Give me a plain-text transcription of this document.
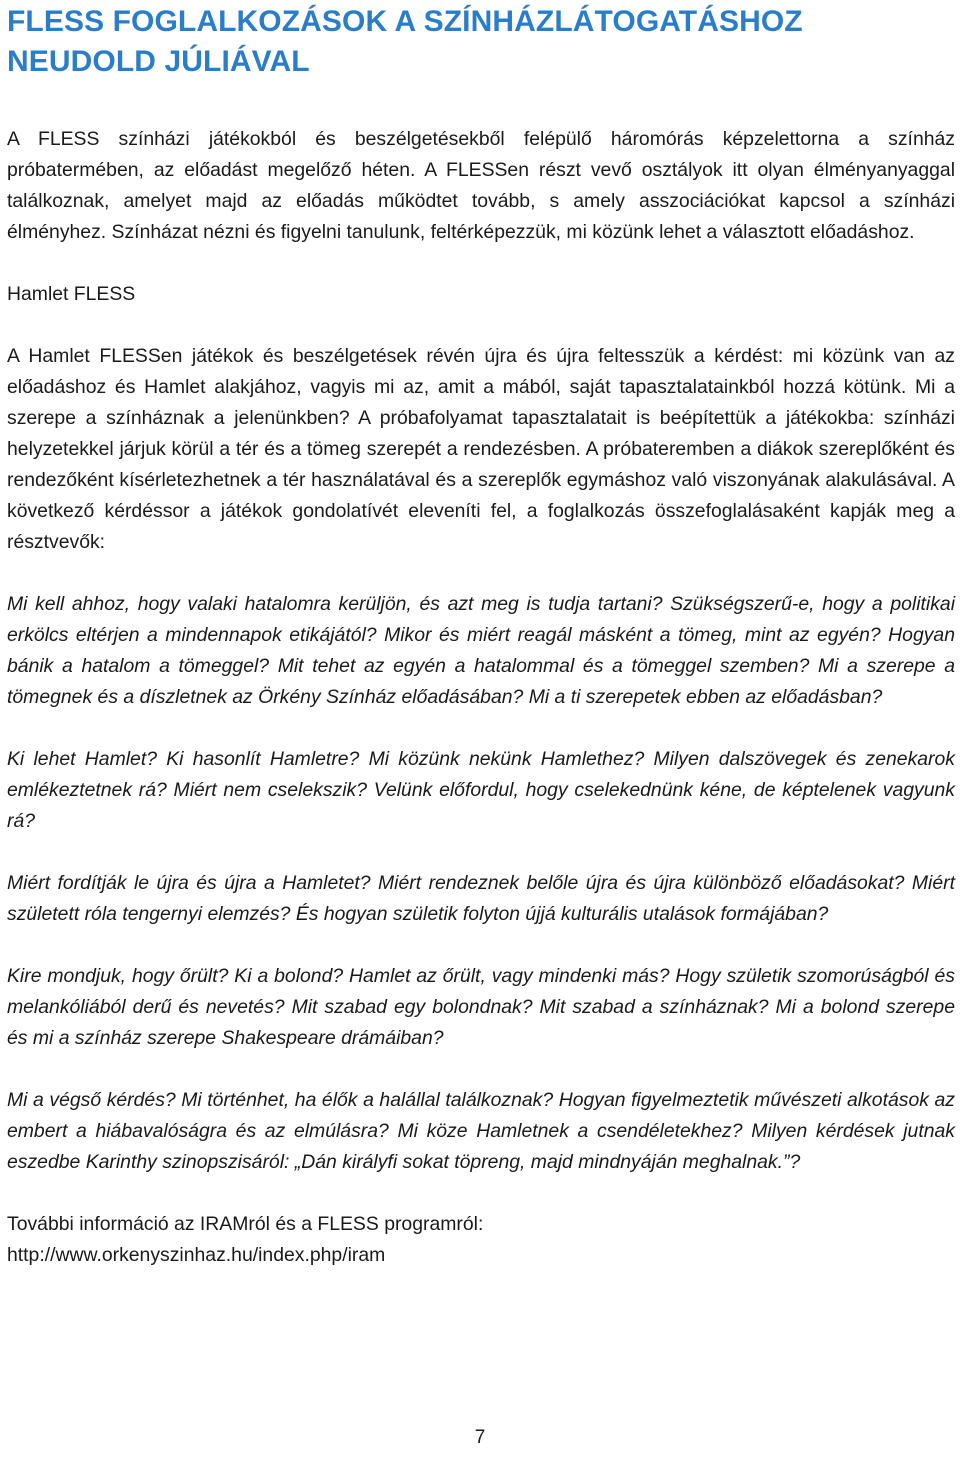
FLESS FOGLALKOZÁSOK A SZÍNHÁZLÁTOGATÁSHOZ
NEUDOLD JÚLIÁVAL

A FLESS színházi játékokból és beszélgetésekből felépülő háromórás képzelettorna a színház próbatermében, az előadást megelőző héten. A FLESSen részt vevő osztályok itt olyan élményanyaggal találkoznak, amelyet majd az előadás működtet tovább, s amely asszociációkat kapcsol a színházi élményhez. Színházat nézni és figyelni tanulunk, feltérképezzük, mi közünk lehet a választott előadáshoz.

Hamlet FLESS

A Hamlet FLESSen játékok és beszélgetések révén újra és újra feltesszük a kérdést: mi közünk van az előadáshoz és Hamlet alakjához, vagyis mi az, amit a mából, saját tapasztalatainkból hozzá kötünk. Mi a szerepe a színháznak a jelenünkben? A próbafolyamat tapasztalatait is beépítettük a játékokba: színházi helyzetekkel járjuk körül a tér és a tömeg szerepét a rendezésben. A próbateremben a diákok szereplőként és rendezőként kísérletezhetnek a tér használatával és a szereplők egymáshoz való viszonyának alakulásával. A következő kérdéssor a játékok gondolatívét eleveníti fel, a foglalkozás összefoglalásaként kapják meg a résztvevők:

Mi kell ahhoz, hogy valaki hatalomra kerüljön, és azt meg is tudja tartani? Szükségszerű-e, hogy a politikai erkölcs eltérjen a mindennapok etikájától? Mikor és miért reagál másként a tömeg, mint az egyén? Hogyan bánik a hatalom a tömeggel? Mit tehet az egyén a hatalommal és a tömeggel szemben? Mi a szerepe a tömegnek és a díszletnek az Örkény Színház előadásában? Mi a ti szerepetek ebben az előadásban?

Ki lehet Hamlet? Ki hasonlít Hamletre? Mi közünk nekünk Hamlethez? Milyen dalszövegek és zenekarok emlékeztetnek rá? Miért nem cselekszik? Velünk előfordul, hogy cselekednünk kéne, de képtelenek vagyunk rá?

Miért fordítják le újra és újra a Hamletet? Miért rendeznek belőle újra és újra különböző előadásokat? Miért született róla tengernyi elemzés? És hogyan születik folyton újjá kulturális utalások formájában?

Kire mondjuk, hogy őrült? Ki a bolond? Hamlet az őrült, vagy mindenki más? Hogy születik szomorúságból és melankóliából derű és nevetés? Mit szabad egy bolondnak? Mit szabad a színháznak? Mi a bolond szerepe és mi a színház szerepe Shakespeare drámáiban?

Mi a végső kérdés? Mi történhet, ha élők a halállal találkoznak? Hogyan figyelmeztetik művészeti alkotások az embert a hiábavalóságra és az elmúlásra? Mi köze Hamletnek a csendéletekhez? Milyen kérdések jutnak eszedbe Karinthy szinopszisáról: „Dán királyfi sokat töpreng, majd mindnyáján meghalnak.”?

További információ az IRAMról és a FLESS programról:

http://www.orkenyszinhaz.hu/index.php/iram

7
